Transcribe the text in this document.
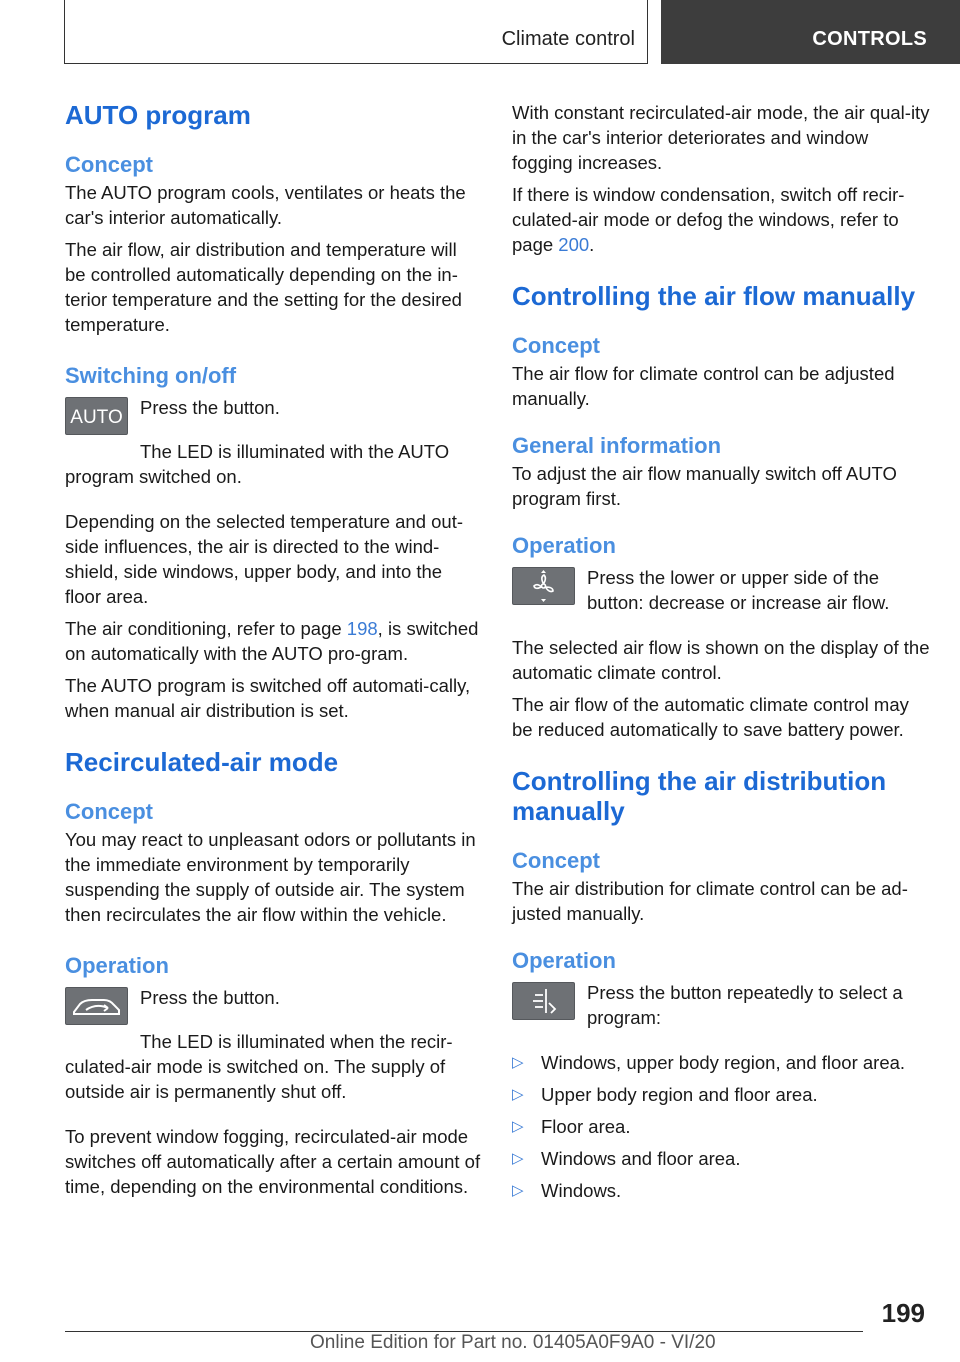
Climate control	CONTROLS
AUTO program
Concept

The AUTO program cools, ventilates or heats the car's interior automatically.

The air flow, air distribution and temperature will be controlled automatically depending on the in-terior temperature and the setting for the desired temperature.

Switching on/off
AUTO Press the button.

The LED is illuminated with the AUTO program switched on.

Depending on the selected temperature and out-side influences, the air is directed to the wind-shield, side windows, upper body, and into the floor area.

The air conditioning, refer to page 198, is switched on automatically with the AUTO pro-gram.

The AUTO program is switched off automati-cally, when manual air distribution is set.

Recirculated-air mode
Concept

You may react to unpleasant odors or pollutants in the immediate environment by temporarily suspending the supply of outside air. The system then recirculates the air flow within the vehicle.

Operation

Press the button.

The LED is illuminated when the recir-culated-air mode is switched on. The supply of outside air is permanently shut off.

To prevent window fogging, recirculated-air mode switches off automatically after a certain amount of time, depending on the environmental conditions.

With constant recirculated-air mode, the air qual-ity in the car's interior deteriorates and window fogging increases.

If there is window condensation, switch off recir-culated-air mode or defog the windows, refer to page 200.

Controlling the air flow manually
Concept

The air flow for climate control can be adjusted manually.

General information

To adjust the air flow manually switch off AUTO program first.

Operation

Press the lower or upper side of the button: decrease or increase air flow.

The selected air flow is shown on the display of the automatic climate control.

The air flow of the automatic climate control may be reduced automatically to save battery power.

Controlling the air distribution manually
Concept

The air distribution for climate control can be ad-justed manually.

Operation

Press the button repeatedly to select a program:

▷ Windows, upper body region, and floor area.
▷ Upper body region and floor area.
▷ Floor area.
▷ Windows and floor area.
▷ Windows.
199
Online Edition for Part no. 01405A0F9A0 - VI/20
